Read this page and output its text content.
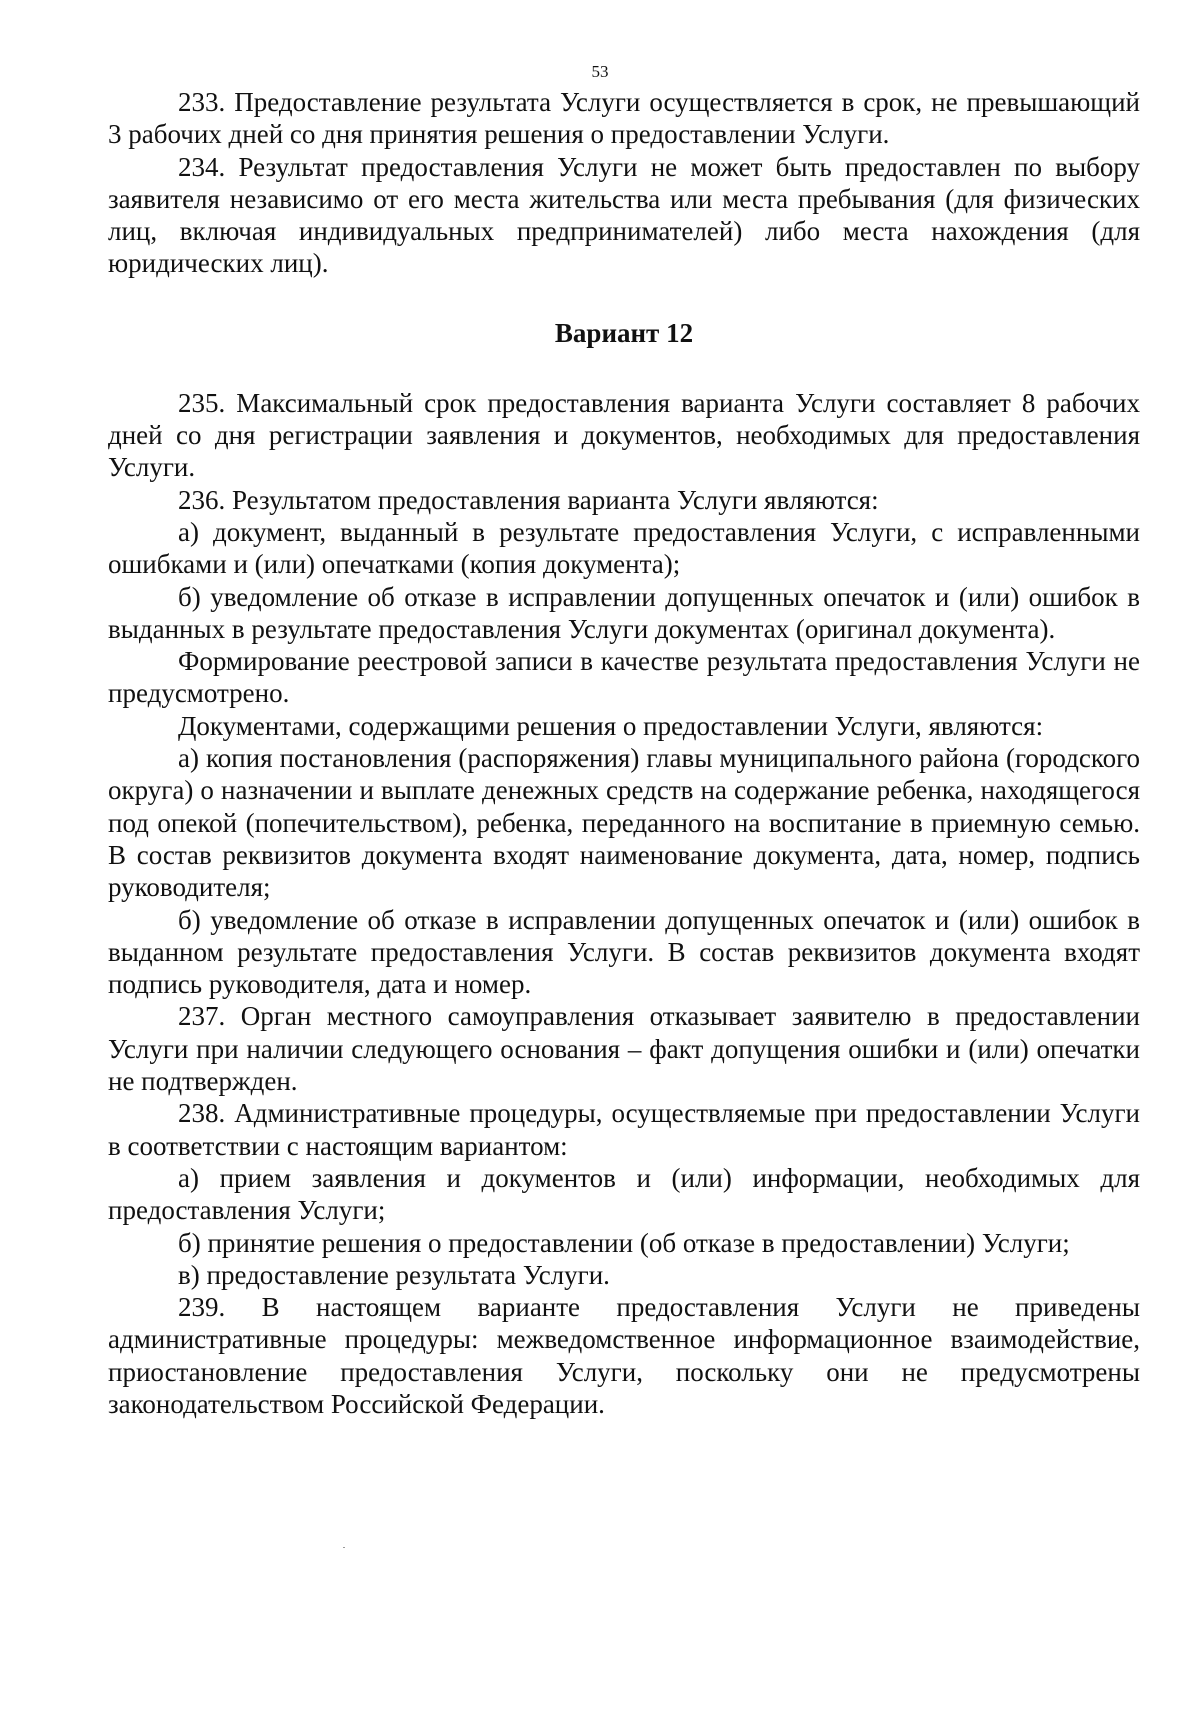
53

233. Предоставление результата Услуги осуществляется в срок, не превышающий 3 рабочих дней со дня принятия решения о предоставлении Услуги.

234. Результат предоставления Услуги не может быть предоставлен по выбору заявителя независимо от его места жительства или места пребывания (для физических лиц, включая индивидуальных предпринимателей) либо места нахождения (для юридических лиц).

Вариант 12

235. Максимальный срок предоставления варианта Услуги составляет 8 рабочих дней со дня регистрации заявления и документов, необходимых для предоставления Услуги.

236. Результатом предоставления варианта Услуги являются:

а) документ, выданный в результате предоставления Услуги, с исправленными ошибками и (или) опечатками (копия документа);

б) уведомление об отказе в исправлении допущенных опечаток и (или) ошибок в выданных в результате предоставления Услуги документах (оригинал документа).

Формирование реестровой записи в качестве результата предоставления Услуги не предусмотрено.

Документами, содержащими решения о предоставлении Услуги, являются:

а) копия постановления (распоряжения) главы муниципального района (городского округа) о назначении и выплате денежных средств на содержание ребенка, находящегося под опекой (попечительством), ребенка, переданного на воспитание в приемную семью. В состав реквизитов документа входят наименование документа, дата, номер, подпись руководителя;

б) уведомление об отказе в исправлении допущенных опечаток и (или) ошибок в выданном результате предоставления Услуги. В состав реквизитов документа входят подпись руководителя, дата и номер.

237. Орган местного самоуправления отказывает заявителю в предоставлении Услуги при наличии следующего основания – факт допущения ошибки и (или) опечатки не подтвержден.

238. Административные процедуры, осуществляемые при предоставлении Услуги в соответствии с настоящим вариантом:

а) прием заявления и документов и (или) информации, необходимых для предоставления Услуги;

б) принятие решения о предоставлении (об отказе в предоставлении) Услуги;

в) предоставление результата Услуги.

239. В настоящем варианте предоставления Услуги не приведены административные процедуры: межведомственное информационное взаимодействие, приостановление предоставления Услуги, поскольку они не предусмотрены законодательством Российской Федерации.
